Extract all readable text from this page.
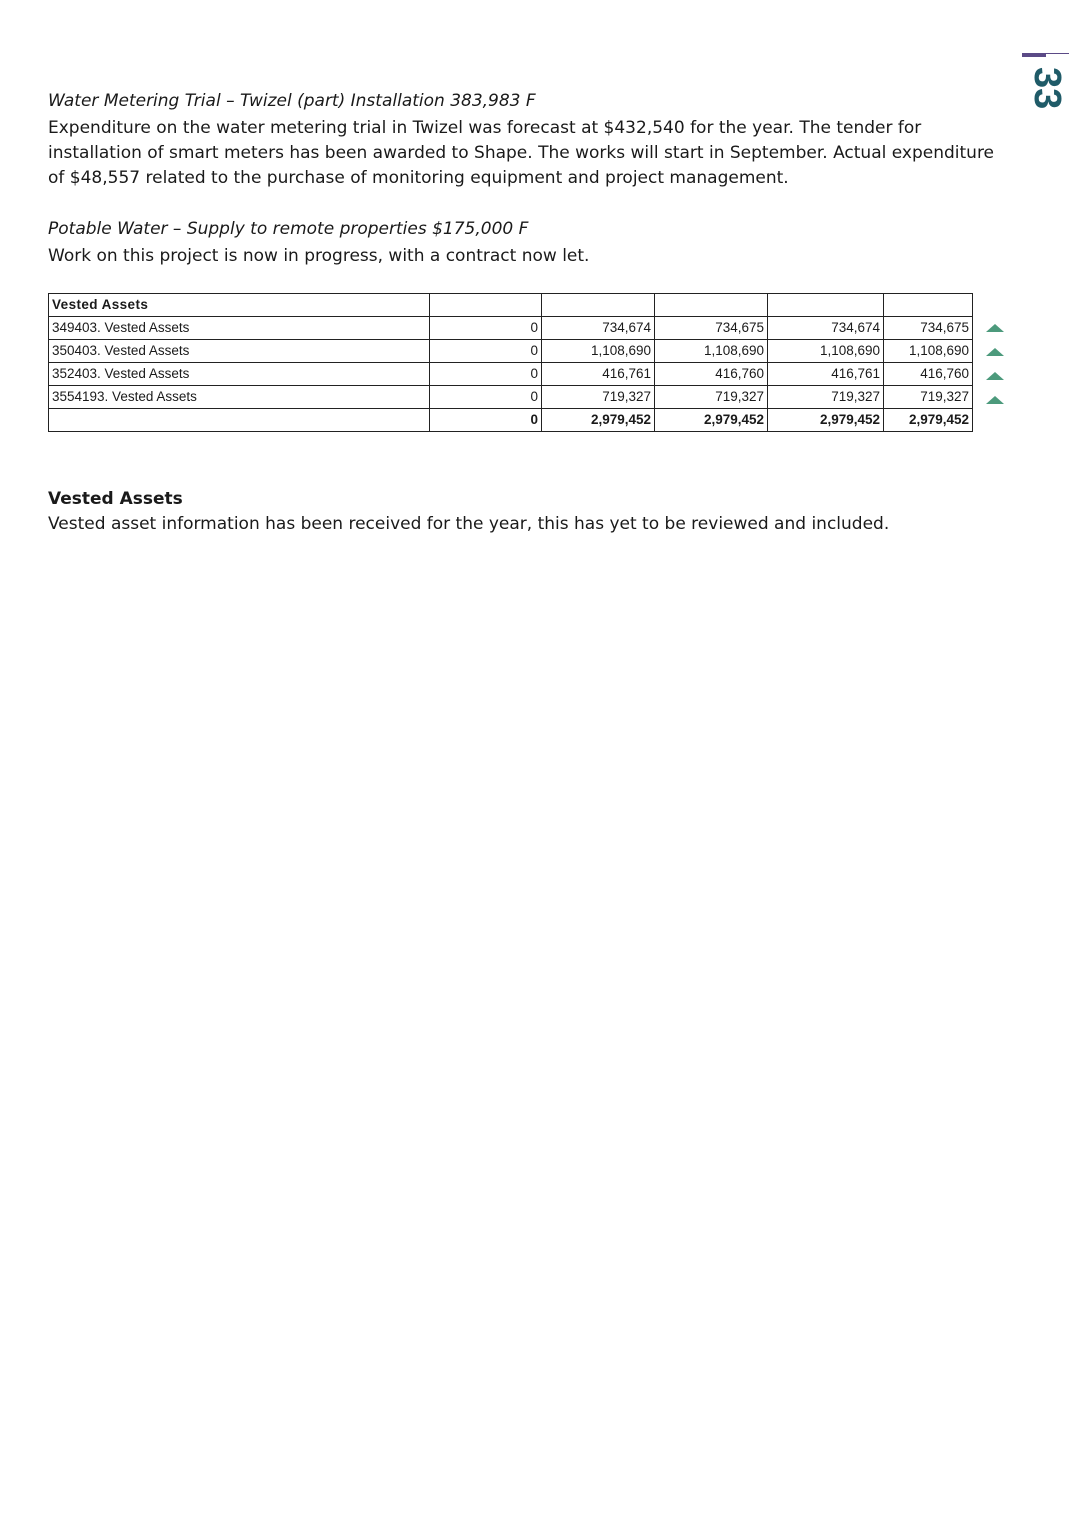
33

Water Metering Trial – Twizel (part) Installation 383,983 F

Expenditure on the water metering trial in Twizel was forecast at $432,540 for the year. The tender for installation of smart meters has been awarded to Shape. The works will start in September. Actual expenditure of $48,557 related to the purchase of monitoring equipment and project management.

Potable Water – Supply to remote properties $175,000 F

Work on this project is now in progress, with a contract now let.

Vested Assets					
349403. Vested Assets	0	734,674	734,675	734,674	734,675
350403. Vested Assets	0	1,108,690	1,108,690	1,108,690	1,108,690
352403. Vested Assets	0	416,761	416,760	416,761	416,760
3554193. Vested Assets	0	719,327	719,327	719,327	719,327
	0	2,979,452	2,979,452	2,979,452	2,979,452

Vested Assets

Vested asset information has been received for the year, this has yet to be reviewed and included.
